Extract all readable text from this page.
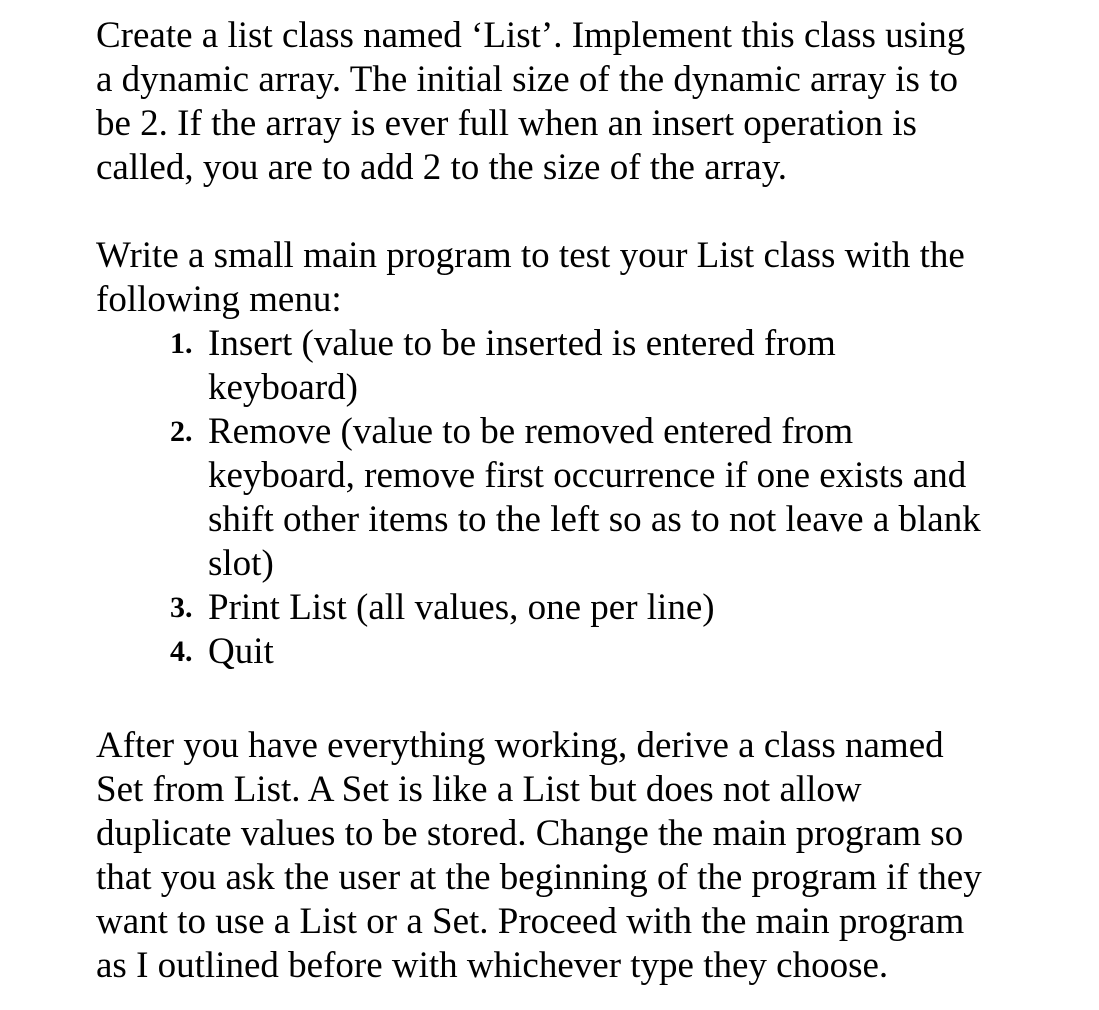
Create a list class named ‘List’. Implement this class using
a dynamic array. The initial size of the dynamic array is to
be 2. If the array is ever full when an insert operation is
called, you are to add 2 to the size of the array.

Write a small main program to test your List class with the
following menu:

1. Insert (value to be inserted is entered from
keyboard)
2. Remove (value to be removed entered from
keyboard, remove first occurrence if one exists and
shift other items to the left so as to not leave a blank
slot)
3. Print List (all values, one per line)
4. Quit

After you have everything working, derive a class named
Set from List. A Set is like a List but does not allow
duplicate values to be stored. Change the main program so
that you ask the user at the beginning of the program if they
want to use a List or a Set. Proceed with the main program
as I outlined before with whichever type they choose.
